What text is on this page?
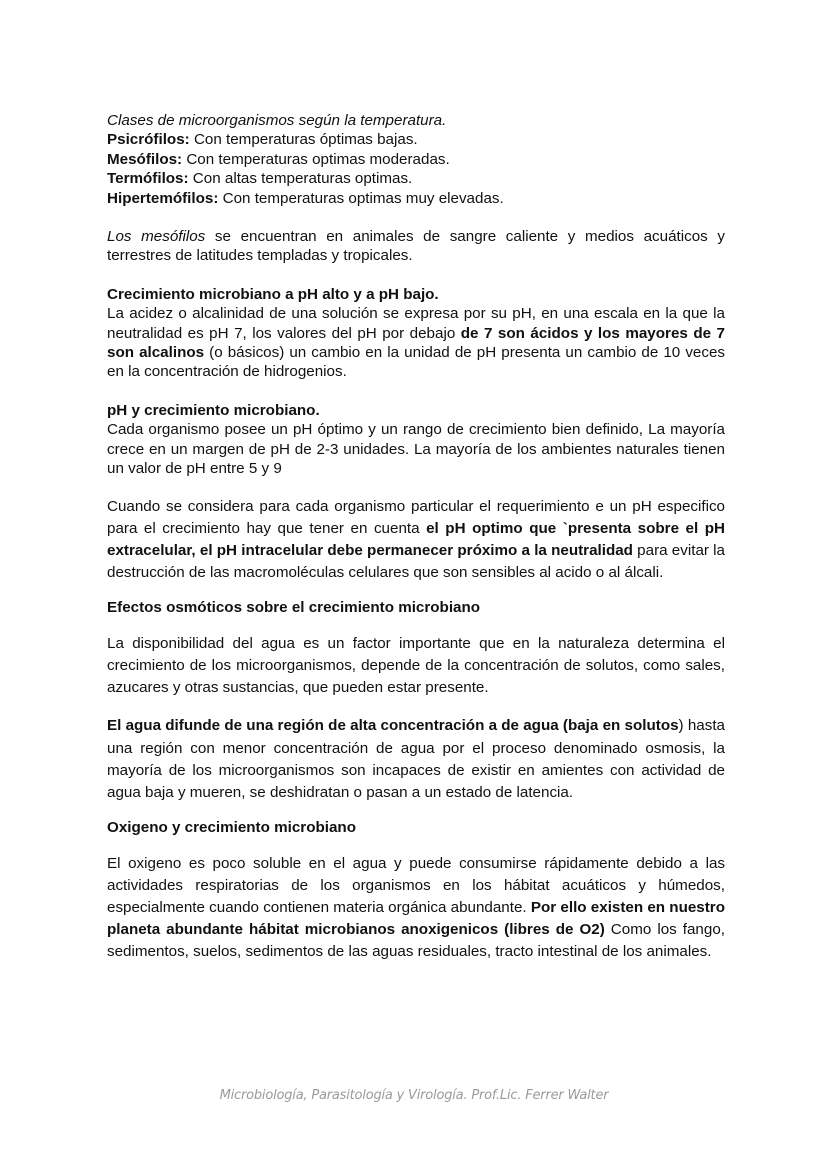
Clases de microorganismos según la temperatura.

Psicrófilos: Con temperaturas óptimas bajas.

Mesófilos: Con temperaturas optimas moderadas.

Termófilos: Con altas temperaturas optimas.

Hipertemófilos: Con temperaturas optimas muy elevadas.

Los mesófilos se encuentran en animales de sangre caliente y medios acuáticos y terrestres de latitudes templadas y tropicales.

Crecimiento microbiano a pH alto y a pH bajo.

La acidez o alcalinidad de una solución se expresa por su pH, en una escala en la que la neutralidad es pH 7, los valores del pH por debajo de 7 son ácidos y los mayores de 7 son alcalinos (o básicos) un cambio en la unidad de pH presenta un cambio de 10 veces en la concentración de hidrogenios.

pH y crecimiento microbiano.

Cada organismo posee un pH óptimo y un rango de crecimiento bien definido, La mayoría crece en un margen de pH de 2-3 unidades. La mayoría de los ambientes naturales tienen un valor de pH entre 5 y 9

Cuando se considera para cada organismo particular el requerimiento e un pH especifico para el crecimiento hay que tener en cuenta el pH optimo que `presenta sobre el pH extracelular, el pH intracelular debe permanecer próximo a la neutralidad para evitar la destrucción de las macromoléculas celulares que son sensibles al acido o al álcali.

Efectos osmóticos sobre el crecimiento microbiano

La disponibilidad del agua es un factor importante que en la naturaleza determina el crecimiento de los microorganismos, depende de la concentración de solutos, como sales, azucares y otras sustancias, que pueden estar presente.

El agua difunde de una región de alta concentración a de agua (baja en solutos) hasta una región con menor concentración de agua por el proceso denominado osmosis, la mayoría de los microorganismos son incapaces de existir en amientes con actividad de agua baja y mueren, se deshidratan o pasan a un estado de latencia.

Oxigeno y crecimiento microbiano

El oxigeno es poco soluble en el agua y puede consumirse rápidamente debido a las actividades respiratorias de los organismos en los hábitat acuáticos y húmedos, especialmente cuando contienen materia orgánica abundante. Por ello existen en nuestro planeta abundante hábitat microbianos anoxigenicos (libres de O2) Como los fango, sedimentos, suelos, sedimentos de las aguas residuales, tracto intestinal de los animales.

Microbiología, Parasitología y Virología. Prof.Lic. Ferrer Walter
